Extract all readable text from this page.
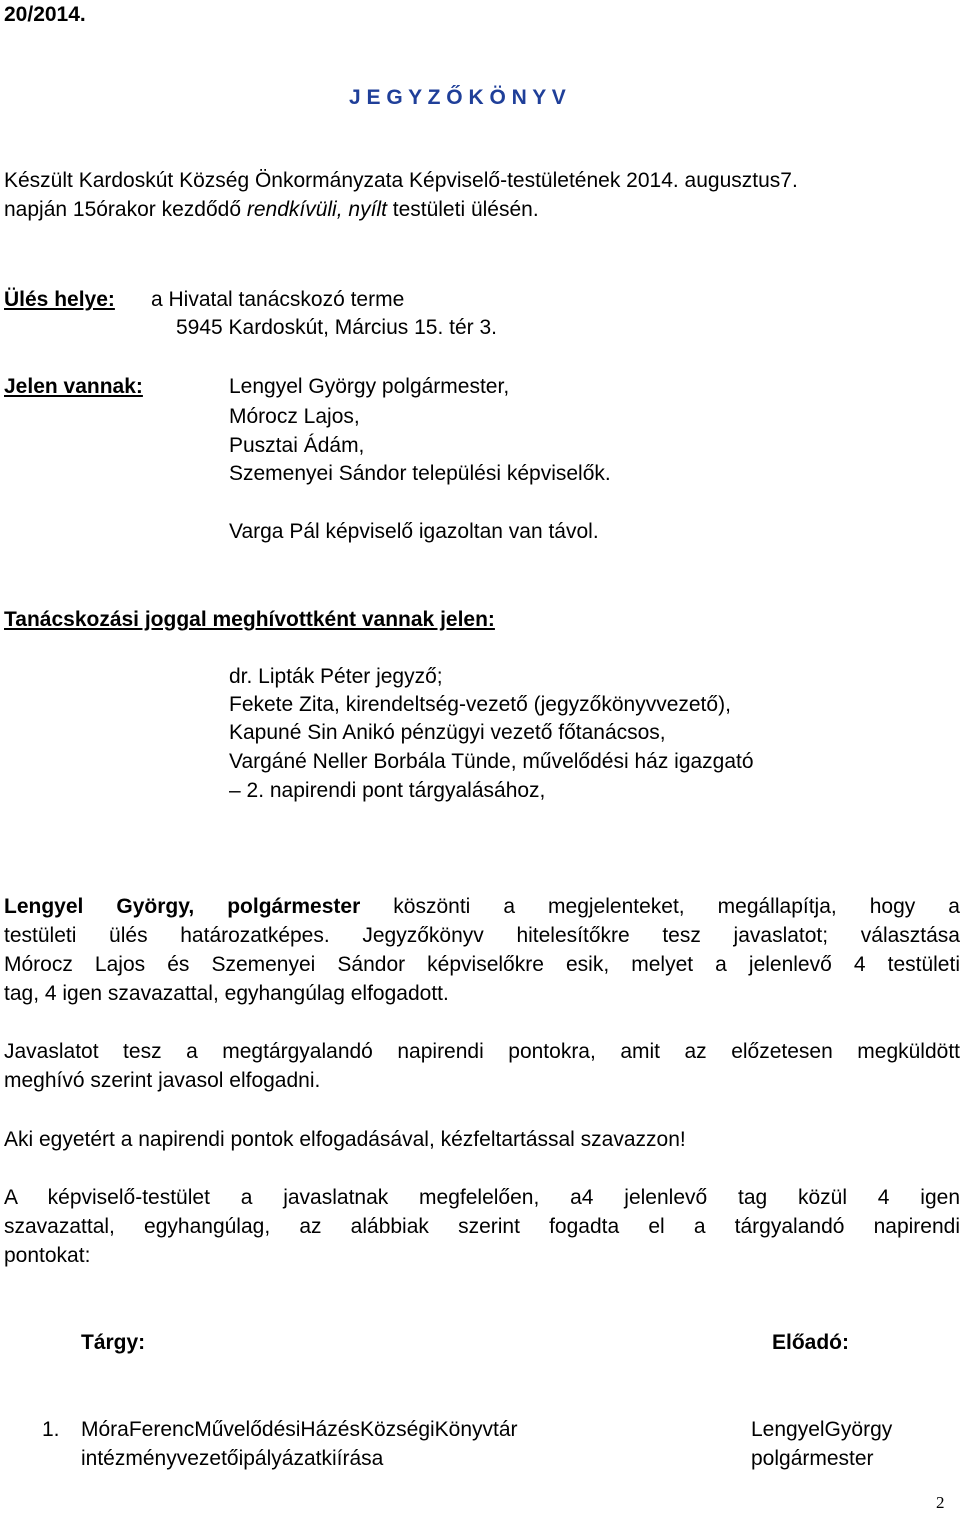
20/2014.
J E G Y Z Ő K Ö N Y V
Készült Kardoskút Község Önkormányzata Képviselő-testületének 2014. augusztus7.
napján 15órakor kezdődő rendkívüli, nyílt testületi ülésén.
Ülés helye: a Hivatal tanácskozó terme
5945 Kardoskút, Március 15. tér 3.
Jelen vannak:	Lengyel György polgármester,
Mórocz Lajos,
Pusztai Ádám,
Szemenyei Sándor települési képviselők.
Varga Pál képviselő igazoltan van távol.
Tanácskozási joggal meghívottként vannak jelen:
dr. Lipták Péter jegyző;
Fekete Zita, kirendeltség-vezető (jegyzőkönyvvezető),
Kapuné Sin Anikó pénzügyi vezető főtanácsos,
Vargáné Neller Borbála Tünde, művelődési ház igazgató
– 2. napirendi pont tárgyalásához,
Lengyel György, polgármester köszönti a megjelenteket, megállapítja, hogy a
testületi ülés határozatképes. Jegyzőkönyv hitelesítőkre tesz javaslatot; választása
Mórocz Lajos és Szemenyei Sándor képviselőkre esik, melyet a jelenlevő 4 testületi
tag, 4 igen szavazattal, egyhangúlag elfogadott.
Javaslatot tesz a megtárgyalandó napirendi pontokra, amit az előzetesen megküldött
meghívó szerint javasol elfogadni.
Aki egyetért a napirendi pontok elfogadásával, kézfeltartással szavazzon!
A képviselő-testület a javaslatnak megfelelően, a4 jelenlevő tag közül 4 igen
szavazattal, egyhangúlag, az alábbiak szerint fogadta el a tárgyalandó napirendi
pontokat:
Tárgy:	Előadó:
1. MóraFerencMűvelődésiHázésKözségiKönyvtár
intézményvezetőipályázatkiírása
LengyelGyörgy
polgármester
2
